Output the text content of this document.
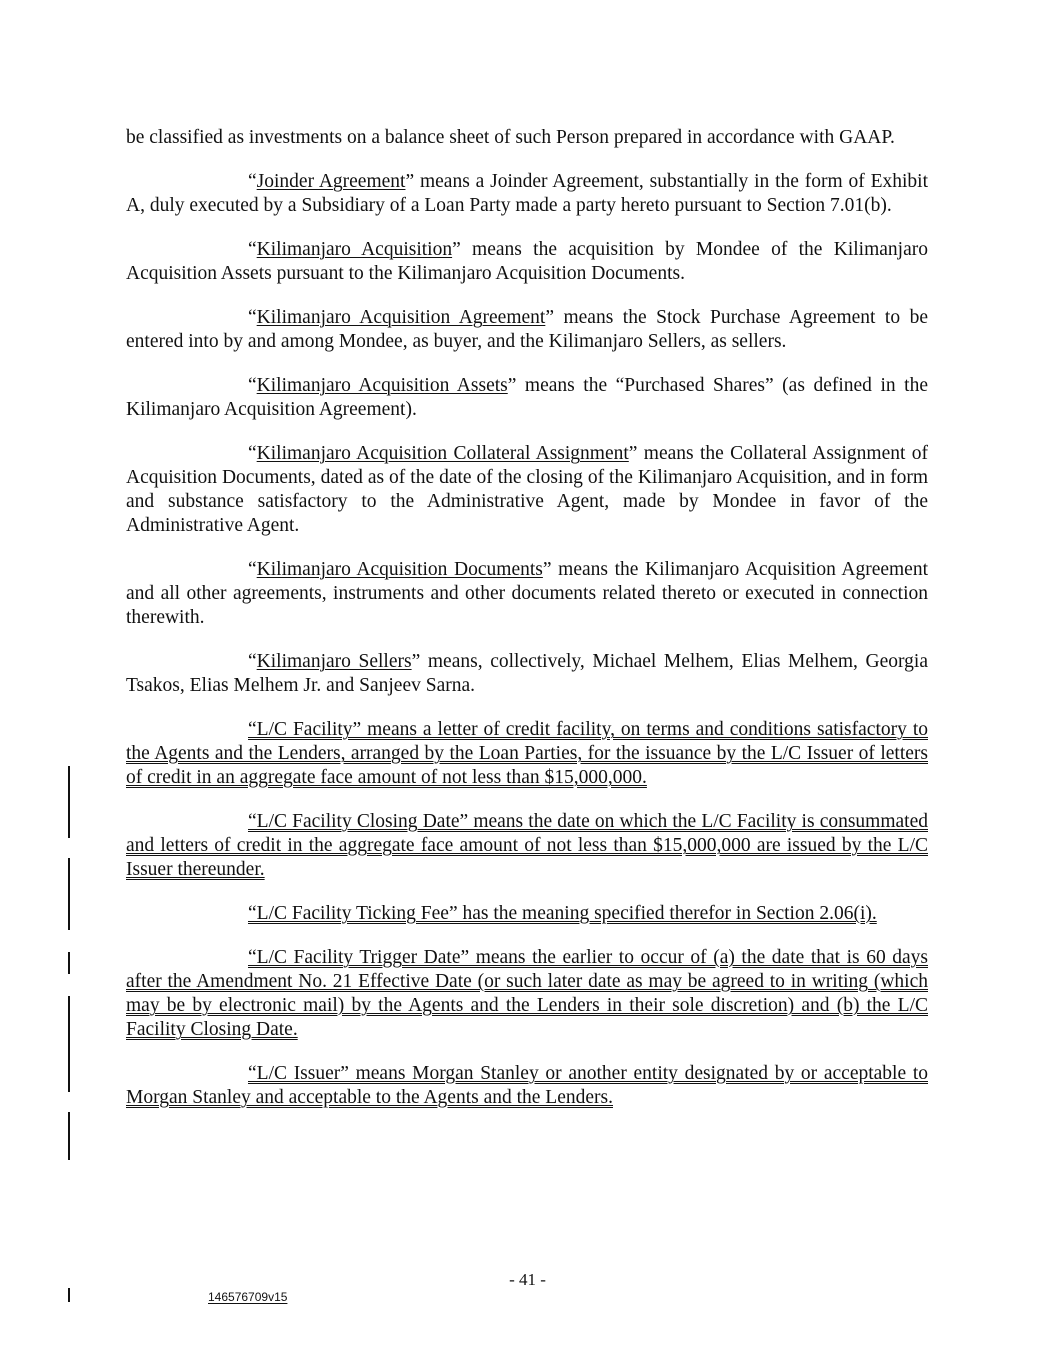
be classified as investments on a balance sheet of such Person prepared in accordance with GAAP.

“Joinder Agreement” means a Joinder Agreement, substantially in the form of Exhibit A, duly executed by a Subsidiary of a Loan Party made a party hereto pursuant to Section 7.01(b).

“Kilimanjaro Acquisition” means the acquisition by Mondee of the Kilimanjaro Acquisition Assets pursuant to the Kilimanjaro Acquisition Documents.

“Kilimanjaro Acquisition Agreement” means the Stock Purchase Agreement to be entered into by and among Mondee, as buyer, and the Kilimanjaro Sellers, as sellers.

“Kilimanjaro Acquisition Assets” means the “Purchased Shares” (as defined in the Kilimanjaro Acquisition Agreement).

“Kilimanjaro Acquisition Collateral Assignment” means the Collateral Assignment of Acquisition Documents, dated as of the date of the closing of the Kilimanjaro Acquisition, and in form and substance satisfactory to the Administrative Agent, made by Mondee in favor of the Administrative Agent.

“Kilimanjaro Acquisition Documents” means the Kilimanjaro Acquisition Agreement and all other agreements, instruments and other documents related thereto or executed in connection therewith.

“Kilimanjaro Sellers” means, collectively, Michael Melhem, Elias Melhem, Georgia Tsakos, Elias Melhem Jr. and Sanjeev Sarna.

“L/C Facility” means a letter of credit facility, on terms and conditions satisfactory to the Agents and the Lenders, arranged by the Loan Parties, for the issuance by the L/C Issuer of letters of credit in an aggregate face amount of not less than $15,000,000.

“L/C Facility Closing Date” means the date on which the L/C Facility is consummated and letters of credit in the aggregate face amount of not less than $15,000,000 are issued by the L/C Issuer thereunder.

“L/C Facility Ticking Fee” has the meaning specified therefor in Section 2.06(i).

“L/C Facility Trigger Date” means the earlier to occur of (a) the date that is 60 days after the Amendment No. 21 Effective Date (or such later date as may be agreed to in writing (which may be by electronic mail) by the Agents and the Lenders in their sole discretion) and (b) the L/C Facility Closing Date.

“L/C Issuer” means Morgan Stanley or another entity designated by or acceptable to Morgan Stanley and acceptable to the Agents and the Lenders.

- 41 -
146576709v15
